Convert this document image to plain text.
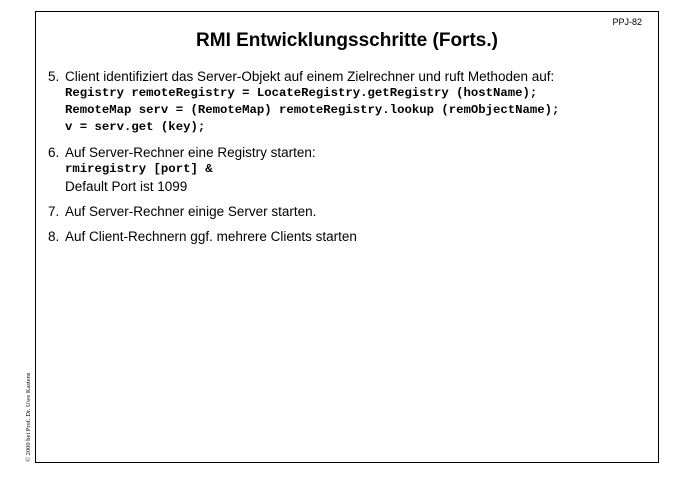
© 2000 bei Prof. Dr. Uwe Kastens
PPJ-82
RMI Entwicklungsschritte (Forts.)
5. Client identifiziert das Server-Objekt auf einem Zielrechner und ruft Methoden auf:
Registry remoteRegistry = LocateRegistry.getRegistry (hostName);
RemoteMap serv = (RemoteMap) remoteRegistry.lookup (remObjectName);
v = serv.get (key);
6. Auf Server-Rechner eine Registry starten:
rmiregistry [port] &
Default Port ist 1099
7. Auf Server-Rechner einige Server starten.
8. Auf Client-Rechnern ggf. mehrere Clients starten
